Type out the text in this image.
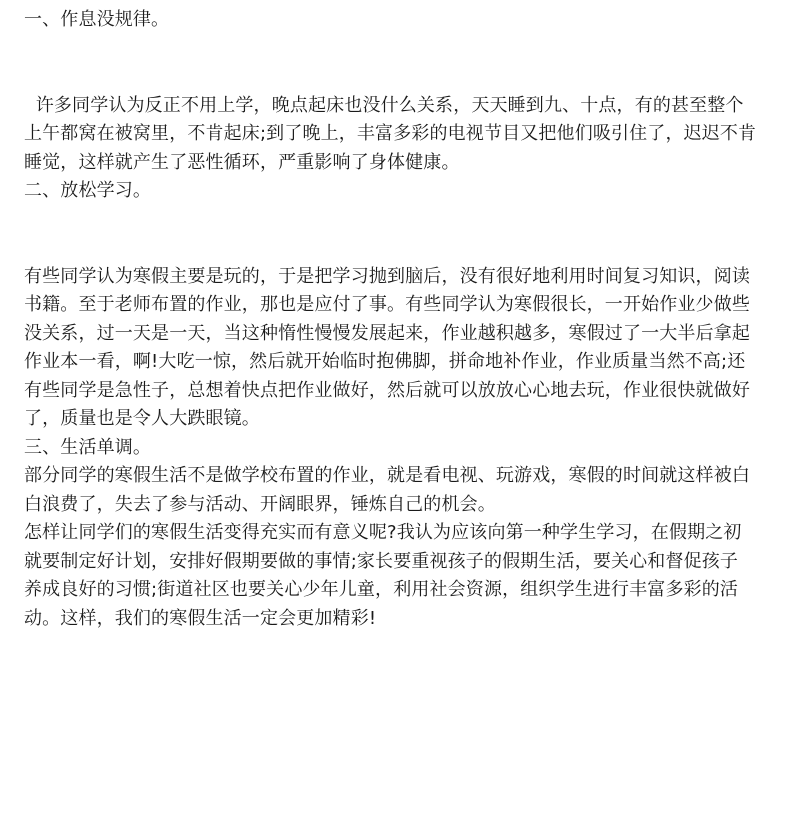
一、作息没规律。

许多同学认为反正不用上学，晚点起床也没什么关系，天天睡到九、十点，有的甚至整个

上午都窝在被窝里，不肯起床;到了晚上，丰富多彩的电视节目又把他们吸引住了，迟迟不肯

睡觉，这样就产生了恶性循环，严重影响了身体健康。

二、放松学习。

有些同学认为寒假主要是玩的，于是把学习抛到脑后，没有很好地利用时间复习知识，阅读

书籍。至于老师布置的作业，那也是应付了事。有些同学认为寒假很长，一开始作业少做些

没关系，过一天是一天，当这种惰性慢慢发展起来，作业越积越多，寒假过了一大半后拿起

作业本一看，啊!大吃一惊，然后就开始临时抱佛脚，拼命地补作业，作业质量当然不高;还

有些同学是急性子，总想着快点把作业做好，然后就可以放放心心地去玩，作业很快就做好

了，质量也是令人大跌眼镜。

三、生活单调。

部分同学的寒假生活不是做学校布置的作业，就是看电视、玩游戏，寒假的时间就这样被白

白浪费了，失去了参与活动、开阔眼界，锤炼自己的机会。

怎样让同学们的寒假生活变得充实而有意义呢?我认为应该向第一种学生学习，在假期之初

就要制定好计划，安排好假期要做的事情;家长要重视孩子的假期生活，要关心和督促孩子

养成良好的习惯;街道社区也要关心少年儿童，利用社会资源，组织学生进行丰富多彩的活

动。这样，我们的寒假生活一定会更加精彩!
